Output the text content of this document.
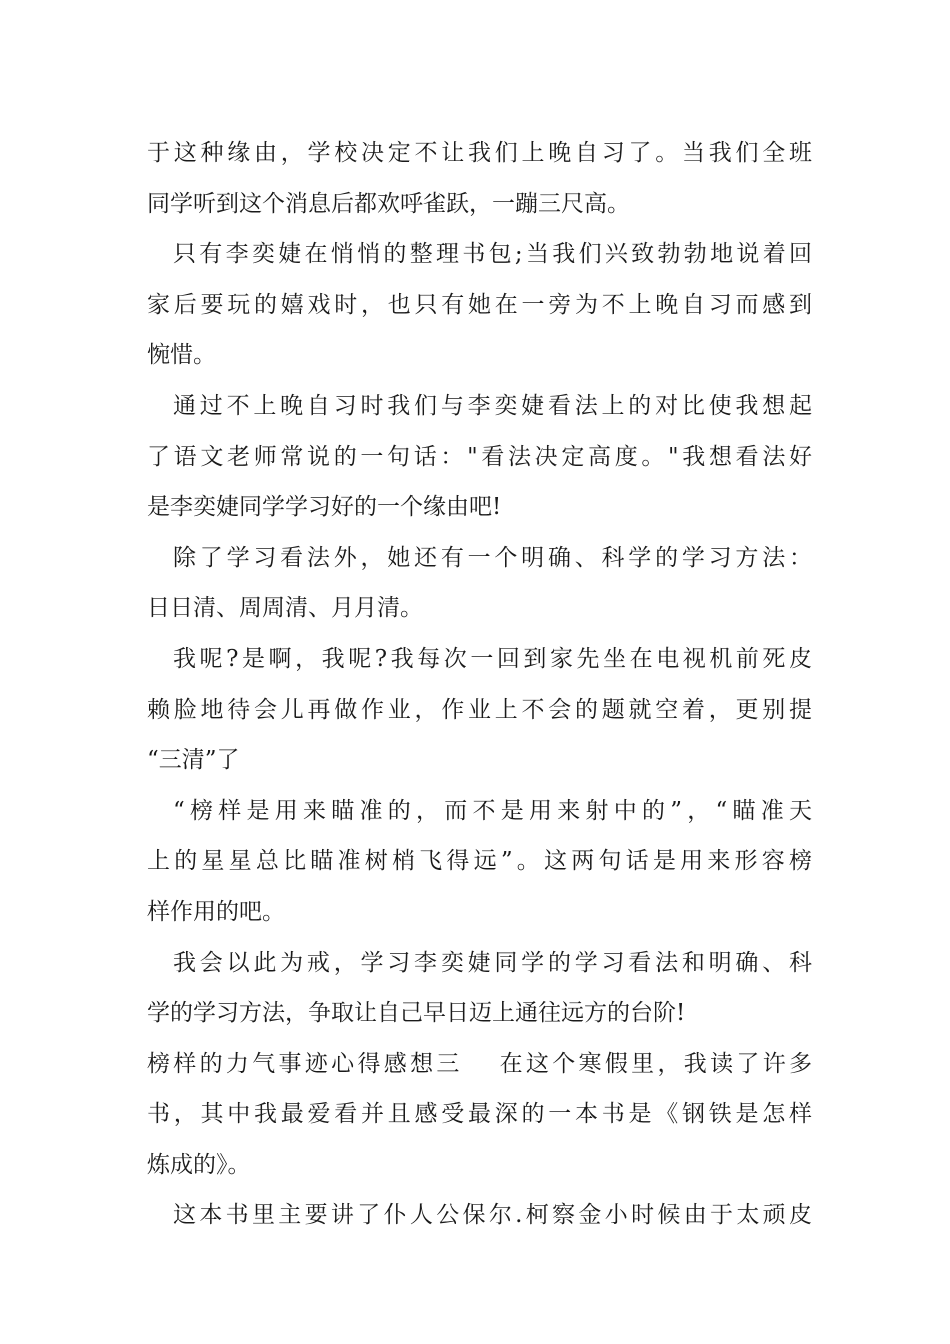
于这种缘由，学校决定不让我们上晚自习了。当我们全班
同学听到这个消息后都欢呼雀跃，一蹦三尺高。
只有李奕婕在悄悄的整理书包;当我们兴致勃勃地说着回
家后要玩的嬉戏时，也只有她在一旁为不上晚自习而感到
惋惜。
通过不上晚自习时我们与李奕婕看法上的对比使我想起
了语文老师常说的一句话："看法决定高度。"我想看法好
是李奕婕同学学习好的一个缘由吧!
除了学习看法外，她还有一个明确、科学的学习方法：
日日清、周周清、月月清。
我呢?是啊，我呢?我每次一回到家先坐在电视机前死皮
赖脸地待会儿再做作业，作业上不会的题就空着，更别提
“三清”了
“榜样是用来瞄准的，而不是用来射中的”，“瞄准天
上的星星总比瞄准树梢飞得远”。这两句话是用来形容榜
样作用的吧。
我会以此为戒，学习李奕婕同学的学习看法和明确、科
学的学习方法，争取让自己早日迈上通往远方的台阶!
榜样的力气事迹心得感想三　 在这个寒假里，我读了许多
书，其中我最爱看并且感受最深的一本书是《钢铁是怎样
炼成的》。
这本书里主要讲了仆人公保尔.柯察金小时候由于太顽皮
